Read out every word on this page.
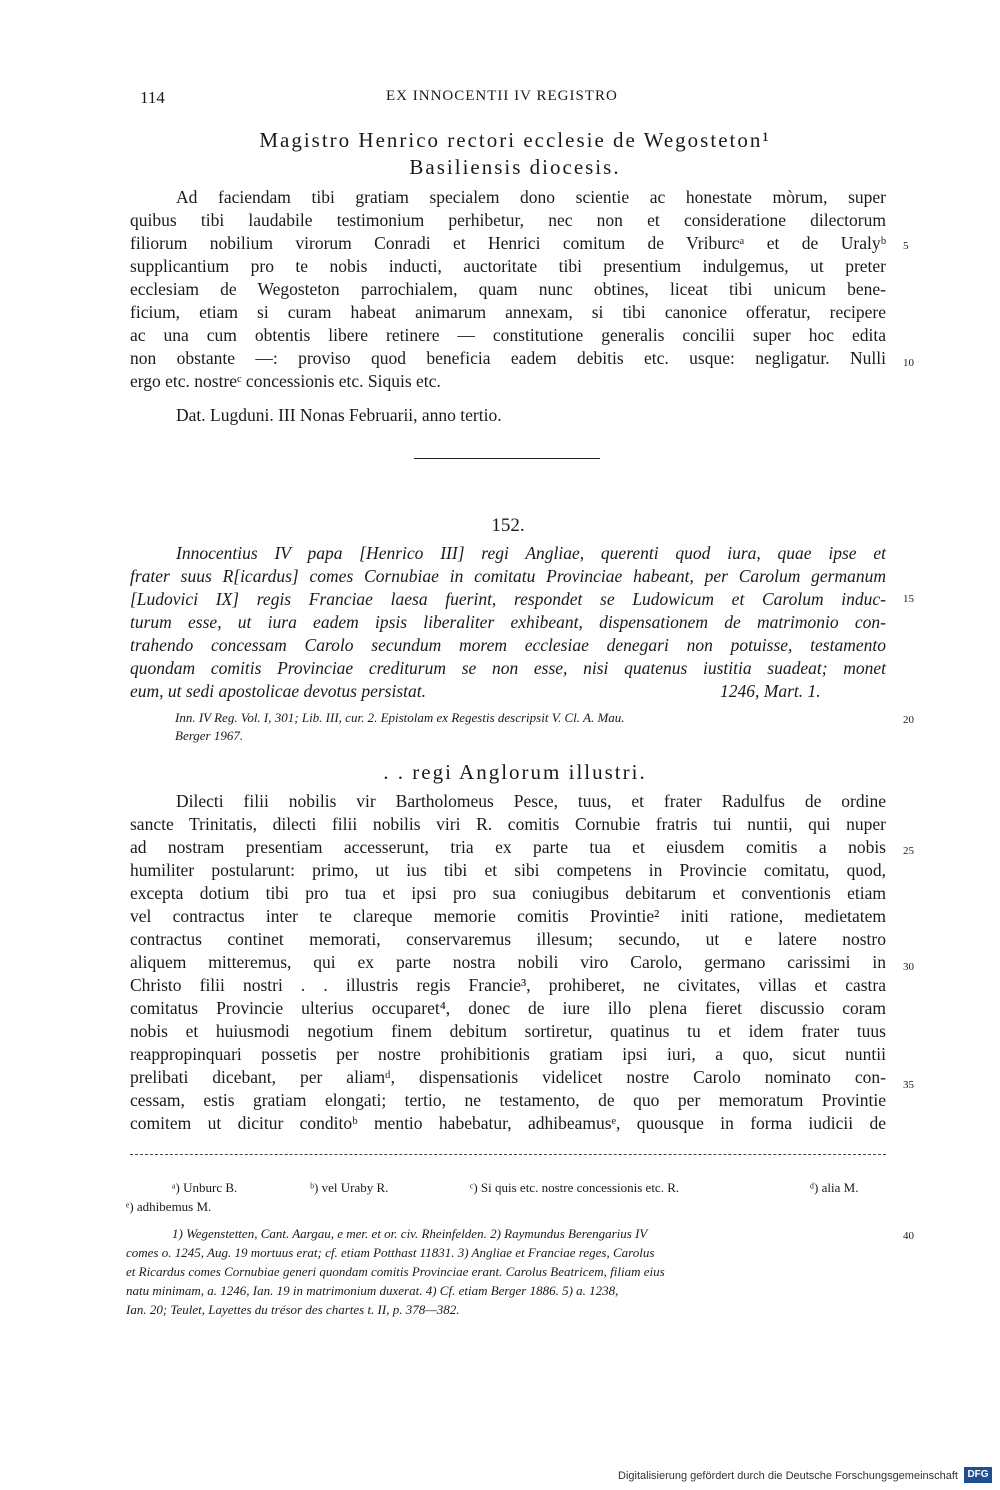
114	EX INNOCENTII IV REGISTRO
Magistro Henrico rectori ecclesie de Wegosteton¹
Basiliensis diocesis.
Ad faciendam tibi gratiam specialem dono scientie ac honestate mòrum, super
quibus tibi laudabile testimonium perhibetur, nec non et consideratione dilectorum
filiorum nobilium virorum Conradi et Henrici comitum de Vriburcᵃ et de Uralyᵇ
supplicantium pro te nobis inducti, auctoritate tibi presentium indulgemus, ut preter
ecclesiam de Wegosteton parrochialem, quam nunc obtines, liceat tibi unicum bene-
ficium, etiam si curam habeat animarum annexam, si tibi canonice offeratur, recipere
ac una cum obtentis libere retinere — constitutione generalis concilii super hoc edita
non obstante —: proviso quod beneficia eadem debitis etc. usque: negligatur. Nulli
ergo etc. nostreᶜ concessionis etc. Siquis etc.
Dat. Lugduni. III Nonas Februarii, anno tertio.
5
10
152.
Innocentius IV papa [Henrico III] regi Angliae, querenti quod iura, quae ipse et
frater suus R[icardus] comes Cornubiae in comitatu Provinciae habeant, per Carolum germanum
[Ludovici IX] regis Franciae laesa fuerint, respondet se Ludowicum et Carolum induc-
turum esse, ut iura eadem ipsis liberaliter exhibeant, dispensationem de matrimonio con-
trahendo concessam Carolo secundum morem ecclesiae denegari non potuisse, testamento
quondam comitis Provinciae crediturum se non esse, nisi quatenus iustitia suadeat; monet
eum, ut sedi apostolicae devotus persistat.	1246, Mart. 1.
Inn. IV Reg. Vol. I, 301; Lib. III, cur. 2. Epistolam ex Regestis descripsit V. Cl. A. Mau.
Berger 1967.
15
20
. . regi Anglorum illustri.
Dilecti filii nobilis vir Bartholomeus Pesce, tuus, et frater Radulfus de ordine
sancte Trinitatis, dilecti filii nobilis viri R. comitis Cornubie fratris tui nuntii, qui nuper
ad nostram presentiam accesserunt, tria ex parte tua et eiusdem comitis a nobis
humiliter postularunt: primo, ut ius tibi et sibi competens in Provincie comitatu, quod,
excepta dotium tibi pro tua et ipsi pro sua coniugibus debitarum et conventionis etiam
vel contractus inter te clareque memorie comitis Provintie² initi ratione, medietatem
contractus continet memorati, conservaremus illesum; secundo, ut e latere nostro
aliquem mitteremus, qui ex parte nostra nobili viro Carolo, germano carissimi in
Christo filii nostri . . illustris regis Francie³, prohiberet, ne civitates, villas et castra
comitatus Provincie ulterius occuparet⁴, donec de iure illo plena fieret discussio coram
nobis et huiusmodi negotium finem debitum sortiretur, quatinus tu et idem frater tuus
reappropinquari possetis per nostre prohibitionis gratiam ipsi iuri, a quo, sicut nuntii
prelibati dicebant, per aliamᵈ, dispensationis videlicet nostre Carolo nominato con-
cessam, estis gratiam elongati; tertio, ne testamento, de quo per memoratum Provintie
comitem ut dicitur conditoᵇ mentio habebatur, adhibeamusᵉ, quousque in forma iudicii de
25
30
35
ᵃ) Unburc B.	ᵇ) vel Uraby R.	ᶜ) Si quis etc. nostre concessionis etc. R.	ᵈ) alia M.
ᵉ) adhibemus M.
1) Wegenstetten, Cant. Aargau, e mer. et or. civ. Rheinfelden. 2) Raymundus Berengarius IV
comes o. 1245, Aug. 19 mortuus erat; cf. etiam Potthast 11831. 3) Angliae et Franciae reges, Carolus
et Ricardus comes Cornubiae generi quondam comitis Provinciae erant. Carolus Beatricem, filiam eius
natu minimam, a. 1246, Ian. 19 in matrimonium duxerat. 4) Cf. etiam Berger 1886. 5) a. 1238,
Ian. 20; Teulet, Layettes du trésor des chartes t. II, p. 378—382.
40
Digitalisierung gefördert durch die Deutsche Forschungsgemeinschaft DFG
